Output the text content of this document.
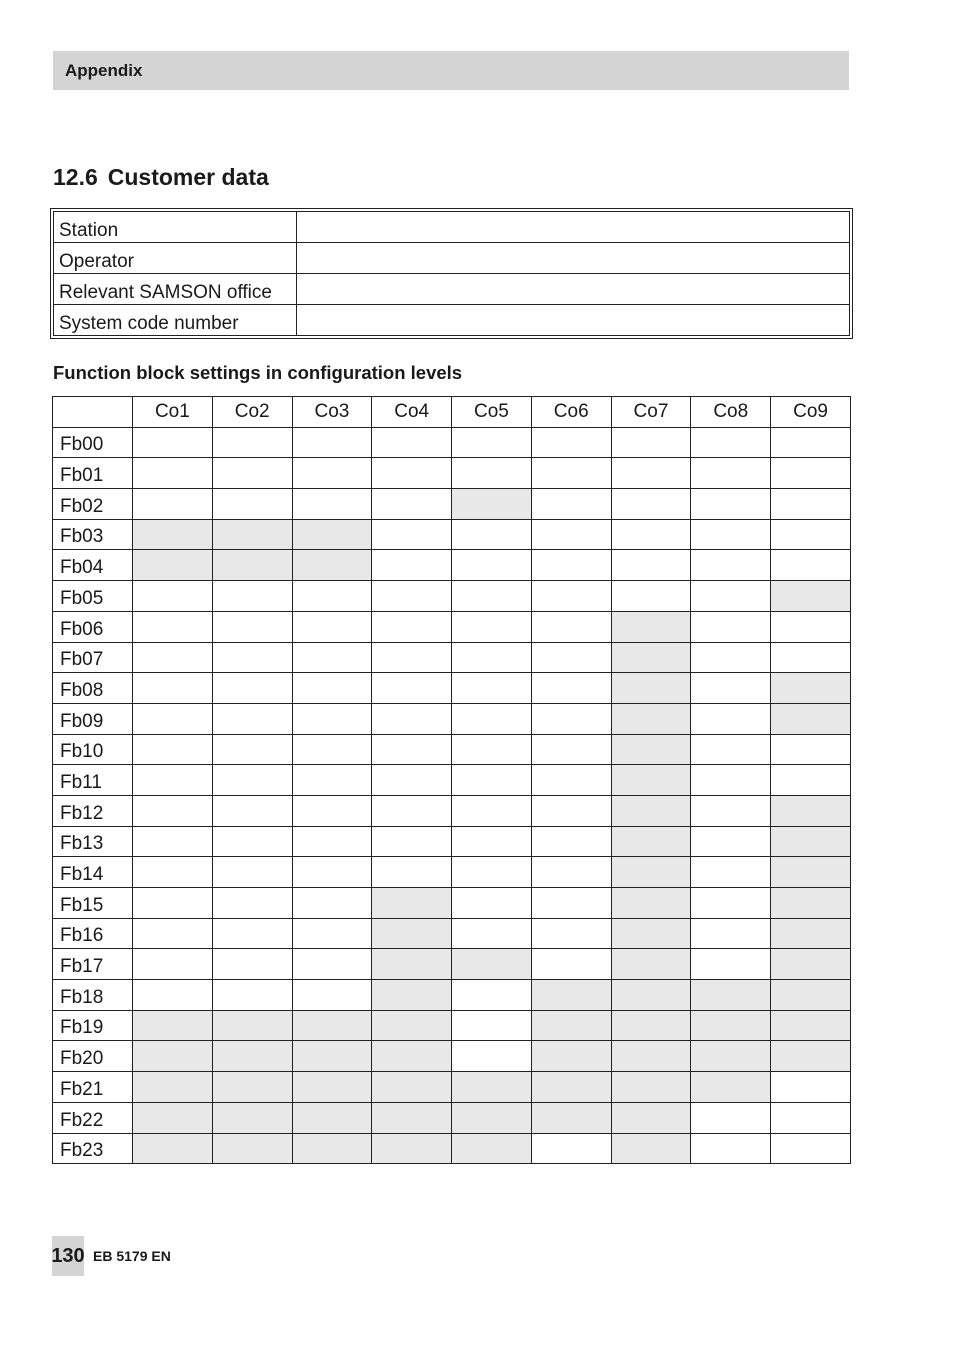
Appendix
12.6 Customer data
Station	
Operator	
Relevant SAMSON office	
System code number	
Function block settings in configuration levels
	Co1	Co2	Co3	Co4	Co5	Co6	Co7	Co8	Co9
Fb00									
Fb01									
Fb02									
Fb03									
Fb04									
Fb05									
Fb06									
Fb07									
Fb08									
Fb09									
Fb10									
Fb11									
Fb12									
Fb13									
Fb14									
Fb15									
Fb16									
Fb17									
Fb18									
Fb19									
Fb20									
Fb21									
Fb22									
Fb23									
130 EB 5179 EN
